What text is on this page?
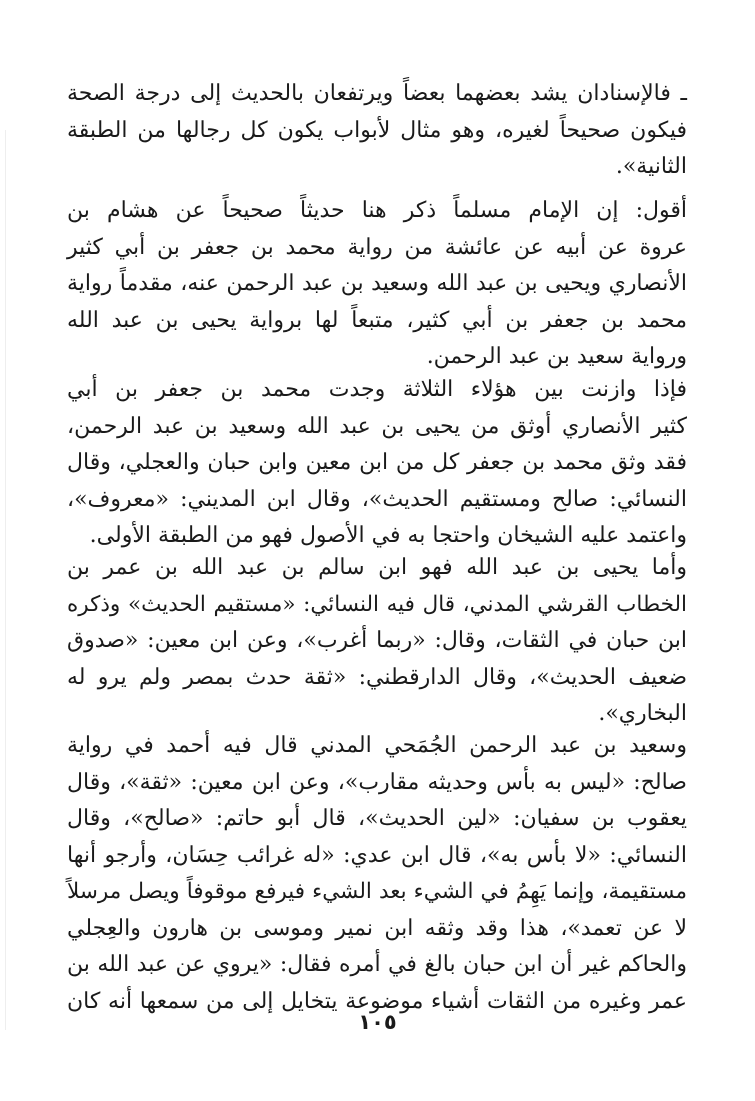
ـ فالإسنادان يشد بعضهما بعضاً ويرتفعان بالحديث إلى درجة الصحة
فيكون صحيحاً لغيره، وهو مثال لأبواب يكون كل رجالها من الطبقة
الثانية».
أقول: إن الإمام مسلماً ذكر هنا حديثاً صحيحاً عن هشام بن
عروة عن أبيه عن عائشة من رواية محمد بن جعفر بن أبي كثير
الأنصاري ويحيى بن عبد الله وسعيد بن عبد الرحمن عنه، مقدماً رواية
محمد بن جعفر بن أبي كثير، متبعاً لها برواية يحيى بن عبد الله
ورواية سعيد بن عبد الرحمن.
فإذا وازنت بين هؤلاء الثلاثة وجدت محمد بن جعفر بن أبي
كثير الأنصاري أوثق من يحيى بن عبد الله وسعيد بن عبد الرحمن،
فقد وثق محمد بن جعفر كل من ابن معين وابن حبان والعجلي، وقال
النسائي: صالح ومستقيم الحديث»، وقال ابن المديني: «معروف»،
واعتمد عليه الشيخان واحتجا به في الأصول فهو من الطبقة الأولى.
وأما يحيى بن عبد الله فهو ابن سالم بن عبد الله بن عمر بن
الخطاب القرشي المدني، قال فيه النسائي: «مستقيم الحديث» وذكره
ابن حبان في الثقات، وقال: «ربما أغرب»، وعن ابن معين: «صدوق
ضعيف الحديث»، وقال الدارقطني: «ثقة حدث بمصر ولم يرو له
البخاري».
وسعيد بن عبد الرحمن الجُمَحي المدني قال فيه أحمد في رواية
صالح: «ليس به بأس وحديثه مقارب»، وعن ابن معين: «ثقة»، وقال
يعقوب بن سفيان: «لين الحديث»، قال أبو حاتم: «صالح»، وقال
النسائي: «لا بأس به»، قال ابن عدي: «له غرائب حِسَان، وأرجو أنها
مستقيمة، وإنما يَهِمُ في الشيء بعد الشيء فيرفع موقوفاً ويصل مرسلاً
لا عن تعمد»، هذا وقد وثقه ابن نمير وموسى بن هارون والعِجلي
والحاكم غير أن ابن حبان بالغ في أمره فقال: «يروي عن عبد الله بن
عمر وغيره من الثقات أشياء موضوعة يتخايل إلى من سمعها أنه كان
١٠٥
